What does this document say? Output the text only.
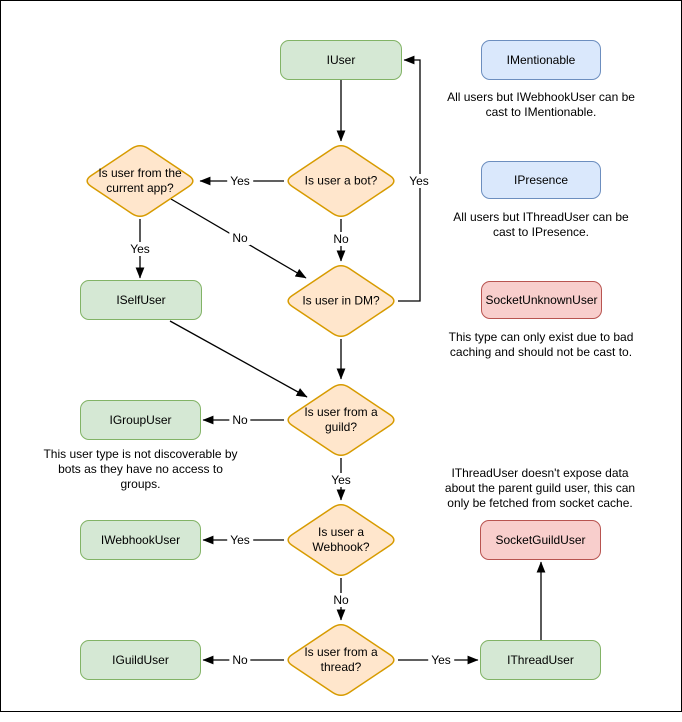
IUser	IMentionable
IPresence
SocketUnknownUser
ISelfUser
IGroupUser
IWebhookUser
IGuildUser
SocketGuildUser
IThreadUser
Is user a bot?
Is user from the
current app?
Is user in DM?
Is user from a
guild?
Is user a
Webhook?
Is user from a
thread?
Yes
No
Yes
No
Yes
No
Yes
Yes
No
No	Yes
All users but IWebhookUser can be
cast to IMentionable.
All users but IThreadUser can be
cast to IPresence.
This type can only exist due to bad
caching and should not be cast to.
This user type is not discoverable by
bots as they have no access to
groups.
IThreadUser doesn't expose data
about the parent guild user, this can
only be fetched from socket cache.
